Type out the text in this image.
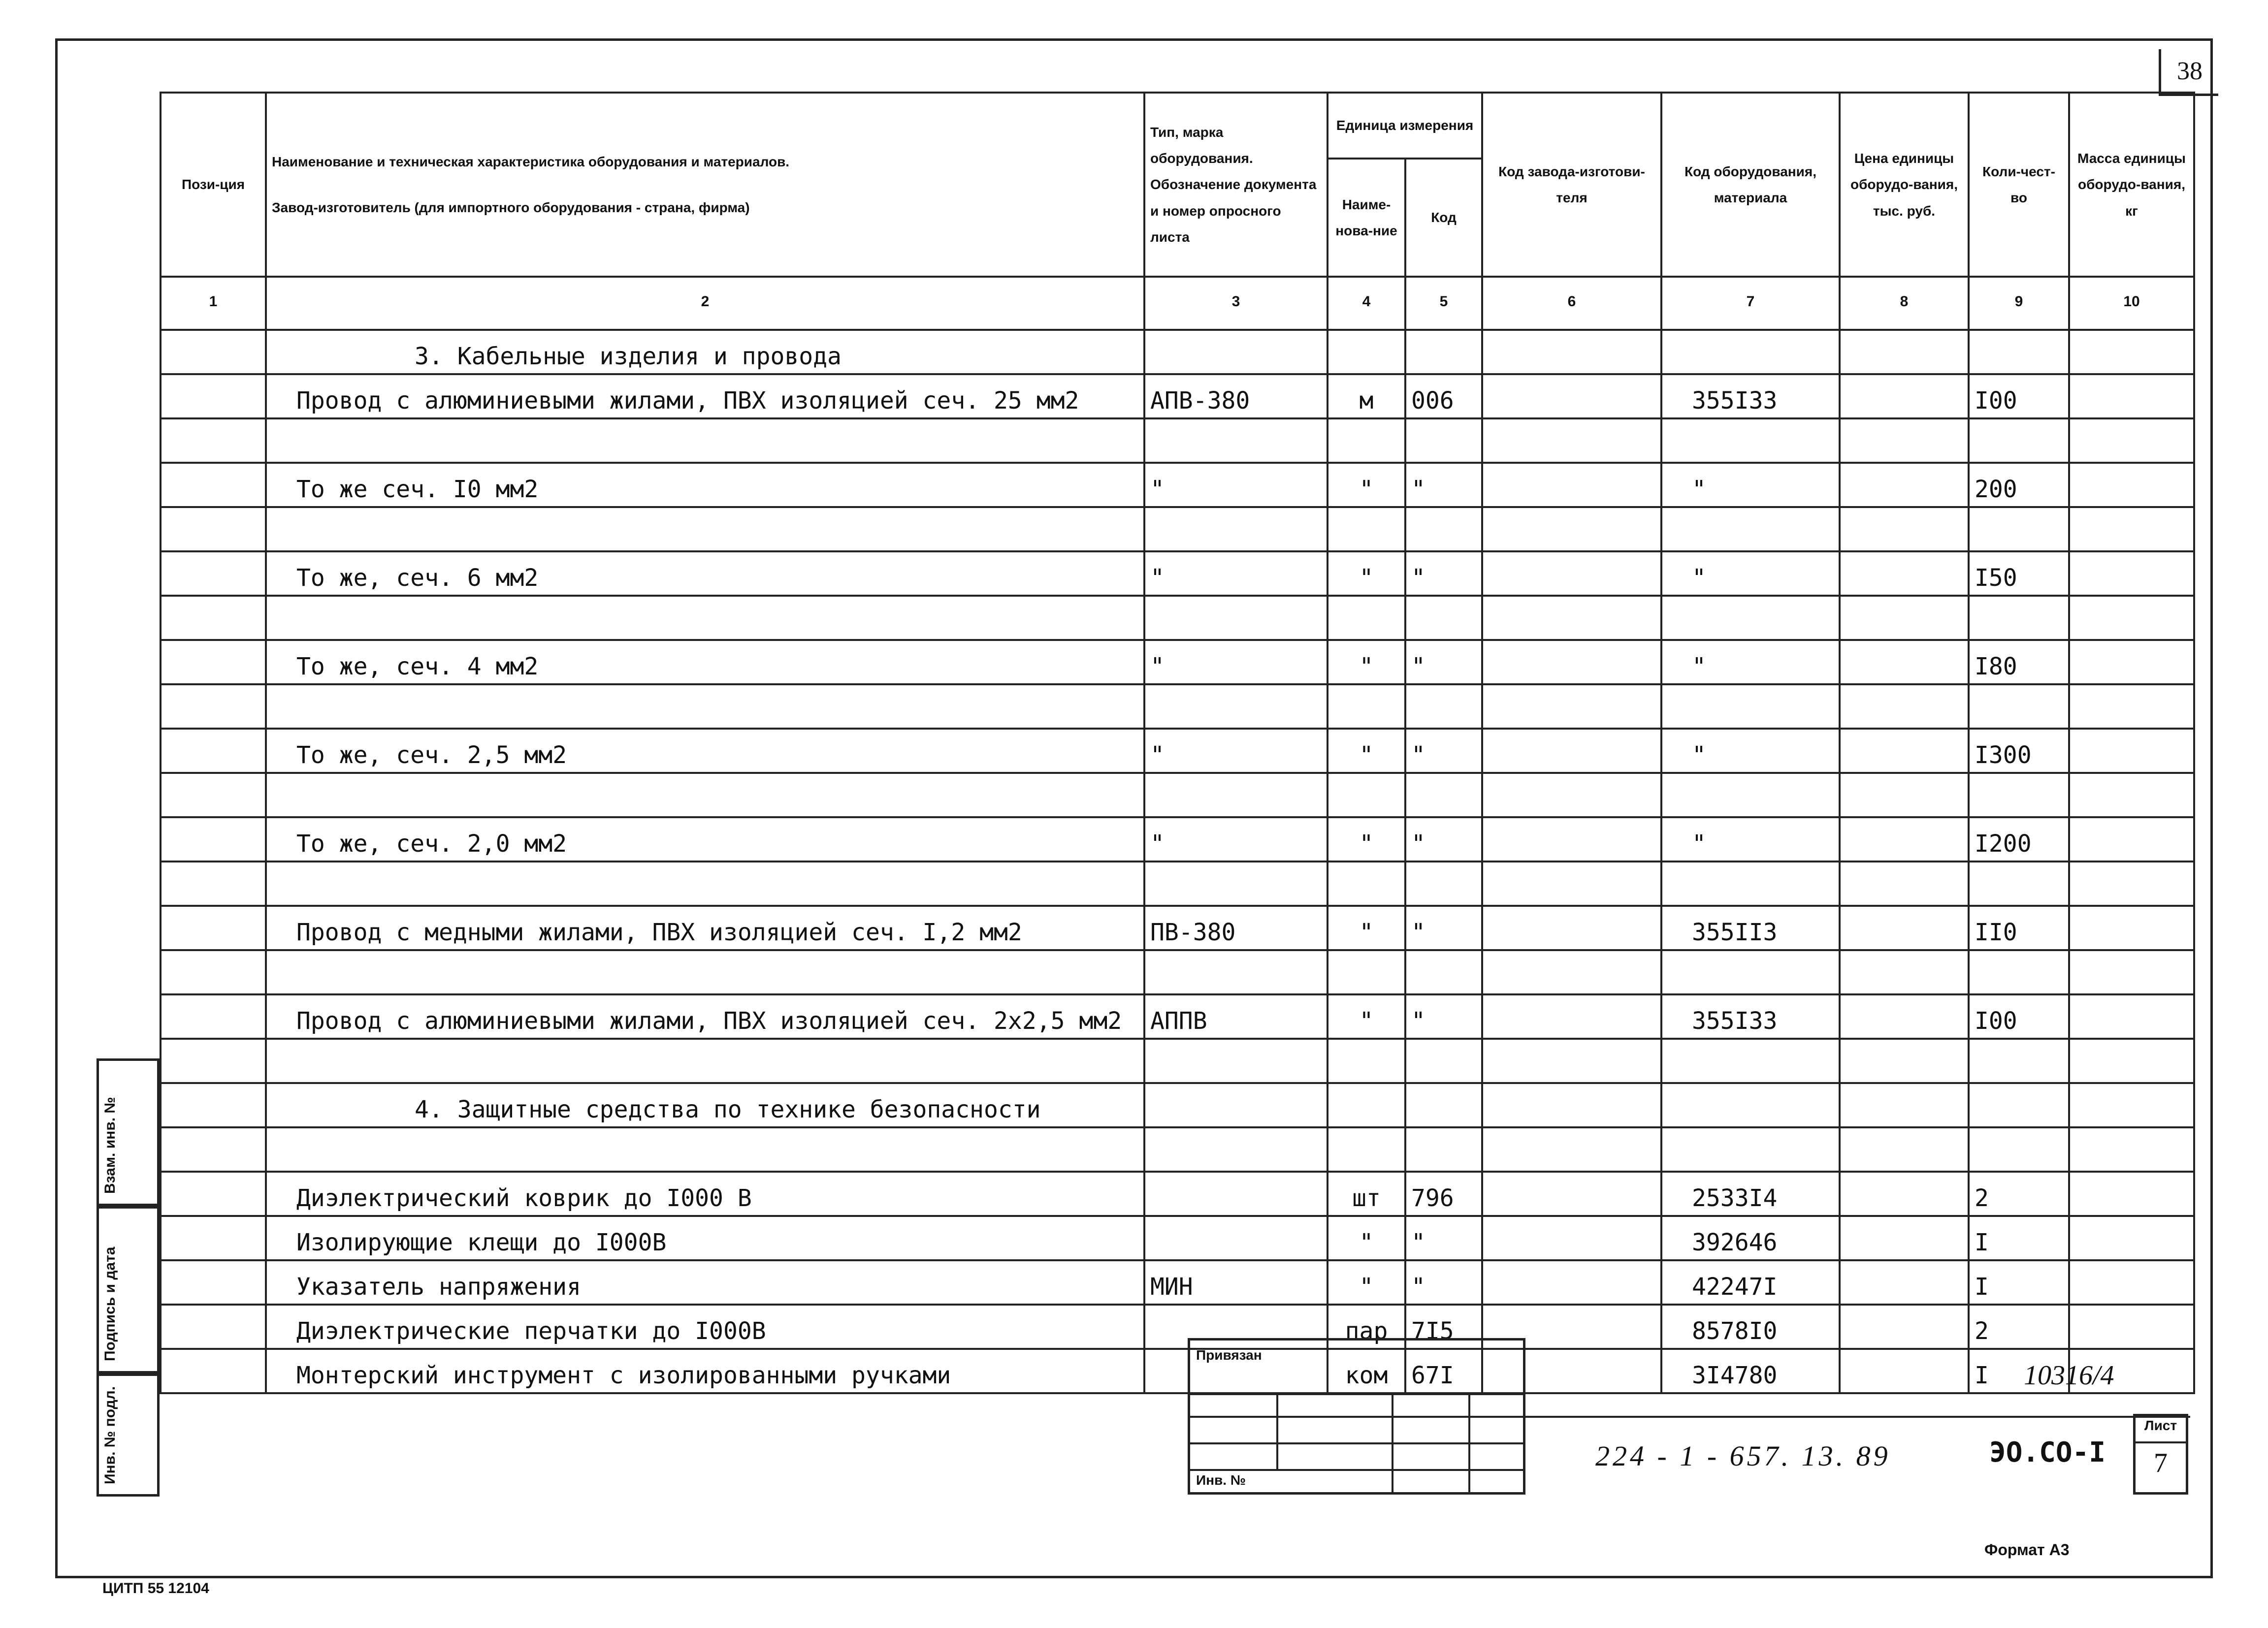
38
Взам. инв. №
Подпись и дата
Инв. № подл.
Пози-ция	Наименование и техническая характеристика оборудования и материалов.
Завод-изготовитель (для импортного оборудования - страна, фирма)	Тип, марка оборудования. Обозначение документа и номер опросного листа	Единица измерения		Код завода-изготови-теля	Код оборудования, материала	Цена единицы оборудо-вания, тыс. руб.	Коли-чест-во	Масса единицы оборудо-вания, кг
			Наиме-нова-ние	Код					
1	2	3	4	5	6	7	8	9	10
	3. Кабельные изделия и провода								
	Провод с алюминиевыми жилами, ПВХ изоляцией сеч. 25 мм2	АПВ-380	м	006		355I33		I00	

	То же сеч. I0 мм2	"	"	"		"		200	

	То же, сеч. 6 мм2	"	"	"		"		I50	

	То же, сеч. 4 мм2	"	"	"		"		I80	

	То же, сеч. 2,5 мм2	"	"	"		"		I300	

	То же, сеч. 2,0 мм2	"	"	"		"		I200	

	Провод с медными жилами, ПВХ изоляцией сеч. I,2 мм2	ПВ-380	"	"		355II3		II0	

	Провод с алюминиевыми жилами, ПВХ изоляцией сеч. 2х2,5 мм2	АППВ	"	"		355I33		I00	

	4. Защитные средства по технике безопасности								

	Диэлектрический коврик до I000 В		шт	796		2533I4		2	
	Изолирующие клещи до I000В		"	"		392646		I	
	Указатель напряжения	МИН	"	"		42247I		I	
	Диэлектрические перчатки до I000В		пар	7I5		8578I0		2	
	Монтерский инструмент с изолированными ручками		ком	67I		3I4780		I	
Привязан
Инв. №
10316/4
224 - 1 - 657. 13. 89	ЭО.СО-I
Лист
7
Формат А3
ЦИТП 55 12104
